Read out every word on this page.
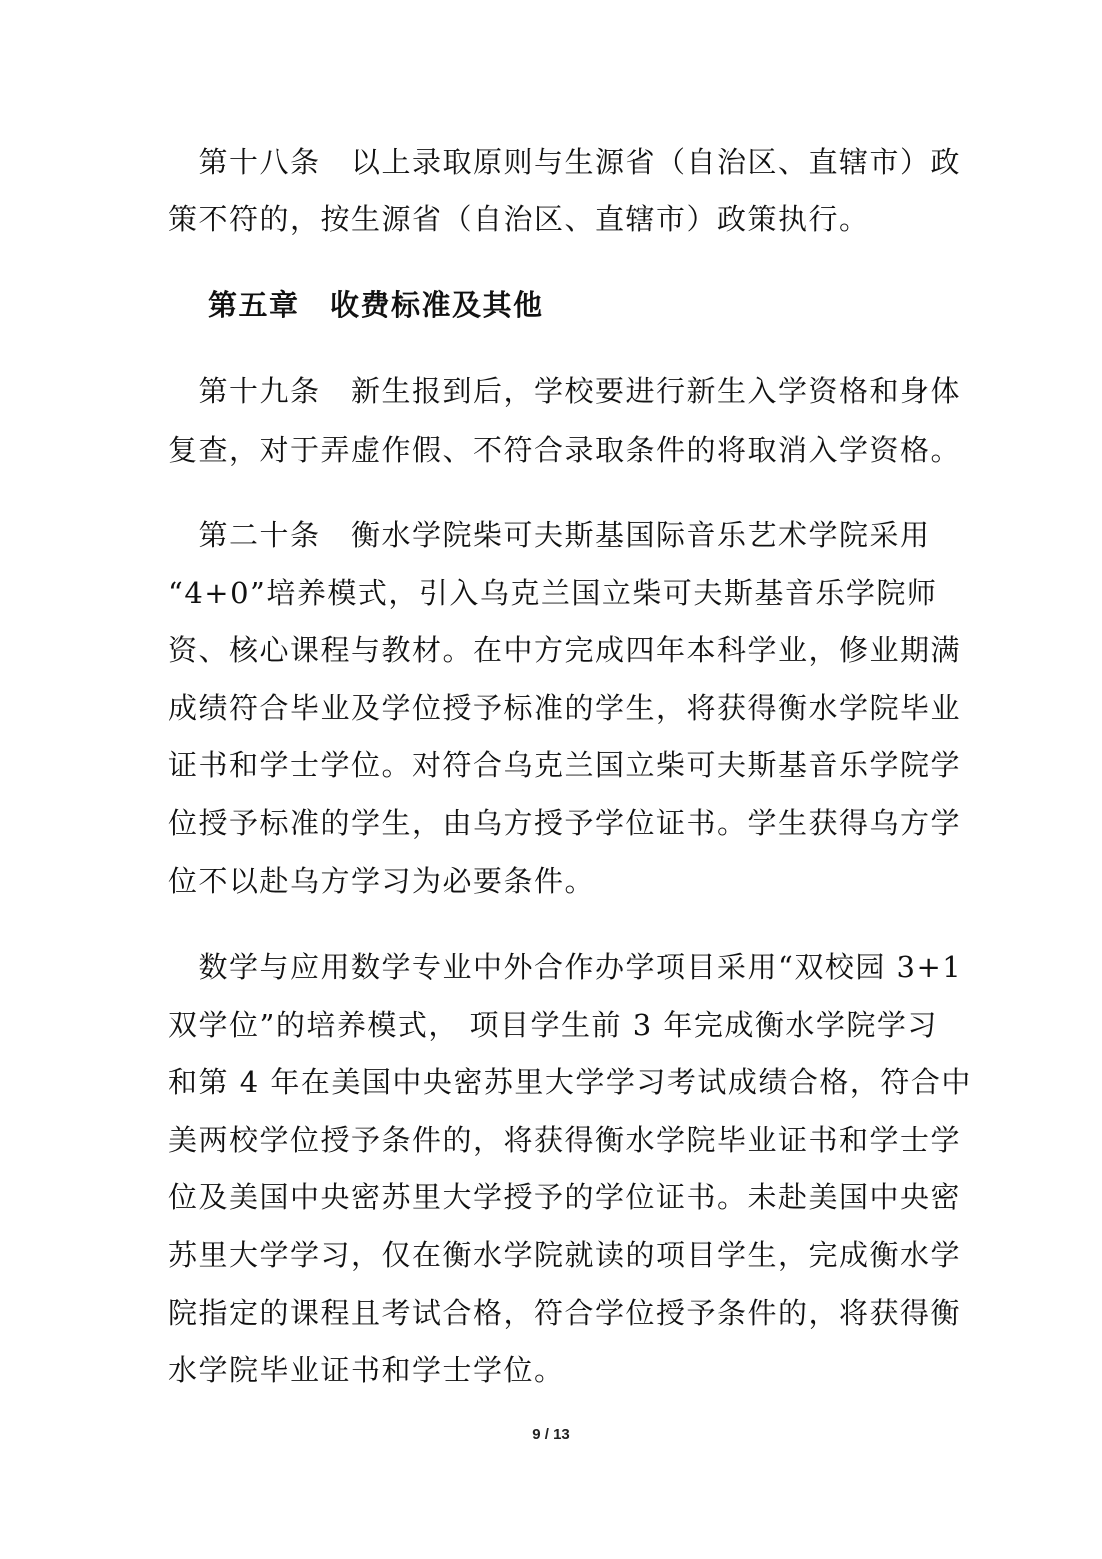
　第十八条　以上录取原则与生源省（自治区、直辖市）政
策不符的，按生源省（自治区、直辖市）政策执行。
第五章　收费标准及其他
　第十九条　新生报到后，学校要进行新生入学资格和身体
复查，对于弄虚作假、不符合录取条件的将取消入学资格。
　第二十条　衡水学院柴可夫斯基国际音乐艺术学院采用
“4+0”培养模式，引入乌克兰国立柴可夫斯基音乐学院师
资、核心课程与教材。在中方完成四年本科学业，修业期满
成绩符合毕业及学位授予标准的学生，将获得衡水学院毕业
证书和学士学位。对符合乌克兰国立柴可夫斯基音乐学院学
位授予标准的学生，由乌方授予学位证书。学生获得乌方学
位不以赴乌方学习为必要条件。
　数学与应用数学专业中外合作办学项目采用“双校园 3+1
双学位”的培养模式， 项目学生前 3 年完成衡水学院学习
和第 4 年在美国中央密苏里大学学习考试成绩合格，符合中
美两校学位授予条件的，将获得衡水学院毕业证书和学士学
位及美国中央密苏里大学授予的学位证书。未赴美国中央密
苏里大学学习，仅在衡水学院就读的项目学生，完成衡水学
院指定的课程且考试合格，符合学位授予条件的，将获得衡
水学院毕业证书和学士学位。
9 / 13
